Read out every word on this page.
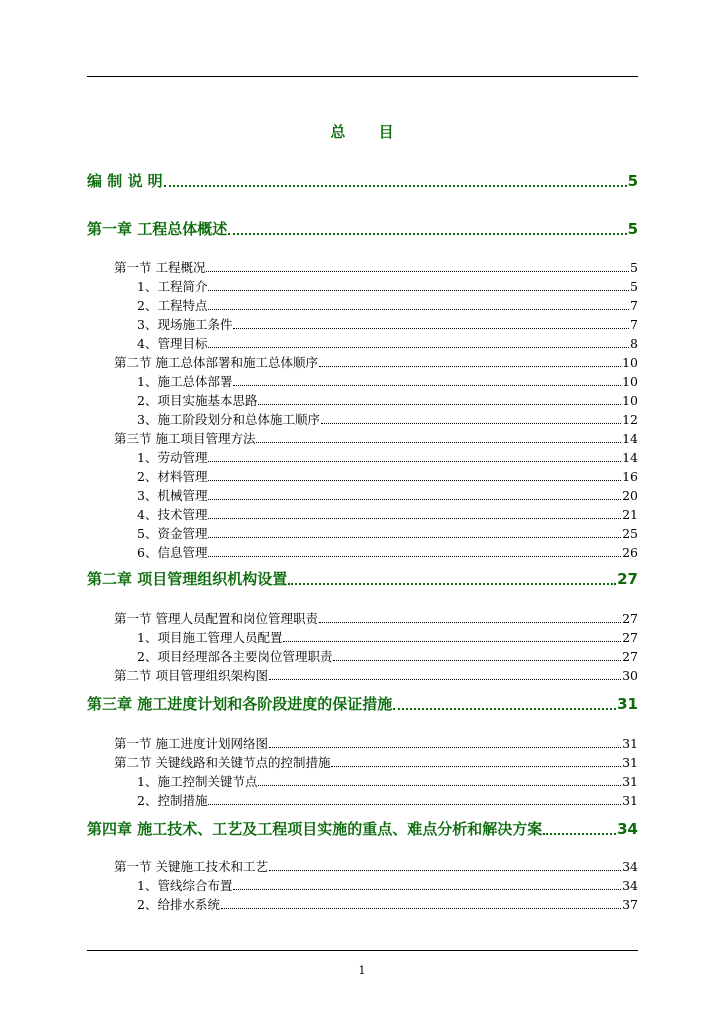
总 目
编 制 说 明	5
第一章 工程总体概述	5
第一节 工程概况	5
1、工程简介	5
2、工程特点	7
3、现场施工条件	7
4、管理目标	8
第二节 施工总体部署和施工总体顺序	10
1、施工总体部署	10
2、项目实施基本思路	10
3、施工阶段划分和总体施工顺序	12
第三节 施工项目管理方法	14
1、劳动管理	14
2、材料管理	16
3、机械管理	20
4、技术管理	21
5、资金管理	25
6、信息管理	26
第二章 项目管理组织机构设置	27
第一节 管理人员配置和岗位管理职责	27
1、项目施工管理人员配置	27
2、项目经理部各主要岗位管理职责	27
第二节 项目管理组织架构图	30
第三章 施工进度计划和各阶段进度的保证措施	31
第一节 施工进度计划网络图	31
第二节 关键线路和关键节点的控制措施	31
1、施工控制关键节点	31
2、控制措施	31
第四章 施工技术、工艺及工程项目实施的重点、难点分析和解决方案	34
第一节 关键施工技术和工艺	34
1、管线综合布置	34
2、给排水系统	37
1
